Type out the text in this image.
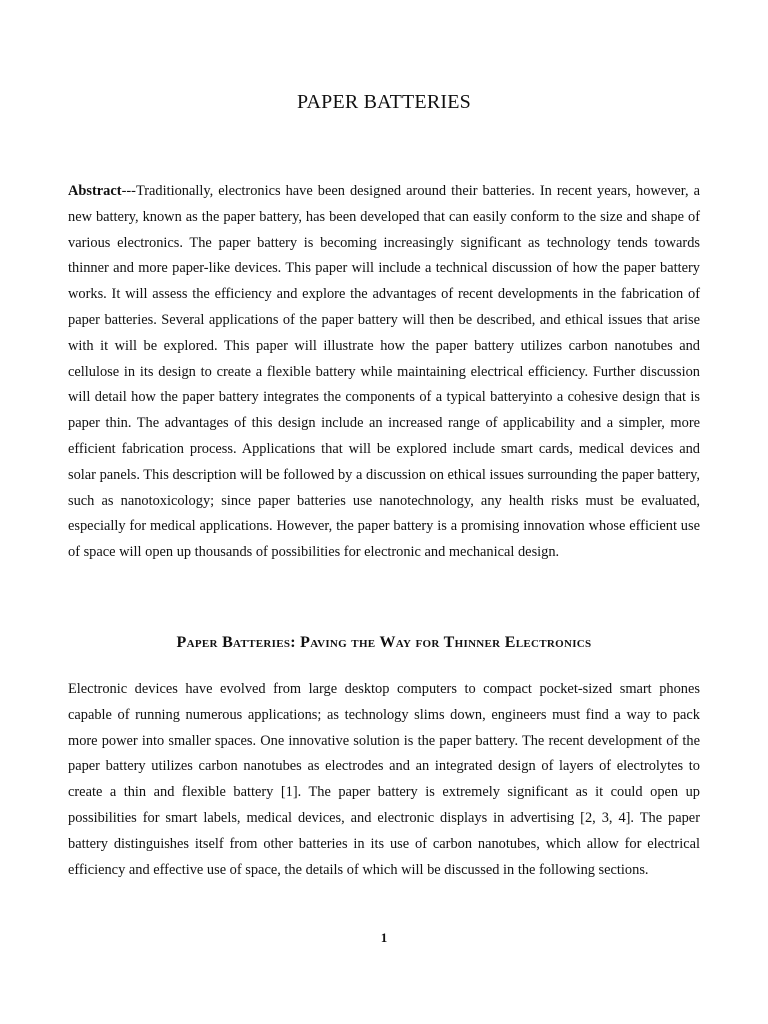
PAPER BATTERIES

Abstract---Traditionally, electronics have been designed around their batteries. In recent years, however, a new battery, known as the paper battery, has been developed that can easily conform to the size and shape of various electronics. The paper battery is becoming increasingly significant as technology tends towards thinner and more paper-like devices. This paper will include a technical discussion of how the paper battery works. It will assess the efficiency and explore the advantages of recent developments in the fabrication of paper batteries. Several applications of the paper battery will then be described, and ethical issues that arise with it will be explored. This paper will illustrate how the paper battery utilizes carbon nanotubes and cellulose in its design to create a flexible battery while maintaining electrical efficiency. Further discussion will detail how the paper battery integrates the components of a typical batteryinto a cohesive design that is paper thin. The advantages of this design include an increased range of applicability and a simpler, more efficient fabrication process. Applications that will be explored include smart cards, medical devices and solar panels. This description will be followed by a discussion on ethical issues surrounding the paper battery, such as nanotoxicology; since paper batteries use nanotechnology, any health risks must be evaluated, especially for medical applications. However, the paper battery is a promising innovation whose efficient use of space will open up thousands of possibilities for electronic and mechanical design.

Paper Batteries: Paving the Way for Thinner Electronics

Electronic devices have evolved from large desktop computers to compact pocket-sized smart phones capable of running numerous applications; as technology slims down, engineers must find a way to pack more power into smaller spaces. One innovative solution is the paper battery. The recent development of the paper battery utilizes carbon nanotubes as electrodes and an integrated design of layers of electrolytes to create a thin and flexible battery [1]. The paper battery is extremely significant as it could open up possibilities for smart labels, medical devices, and electronic displays in advertising [2, 3, 4]. The paper battery distinguishes itself from other batteries in its use of carbon nanotubes, which allow for electrical efficiency and effective use of space, the details of which will be discussed in the following sections.

1
